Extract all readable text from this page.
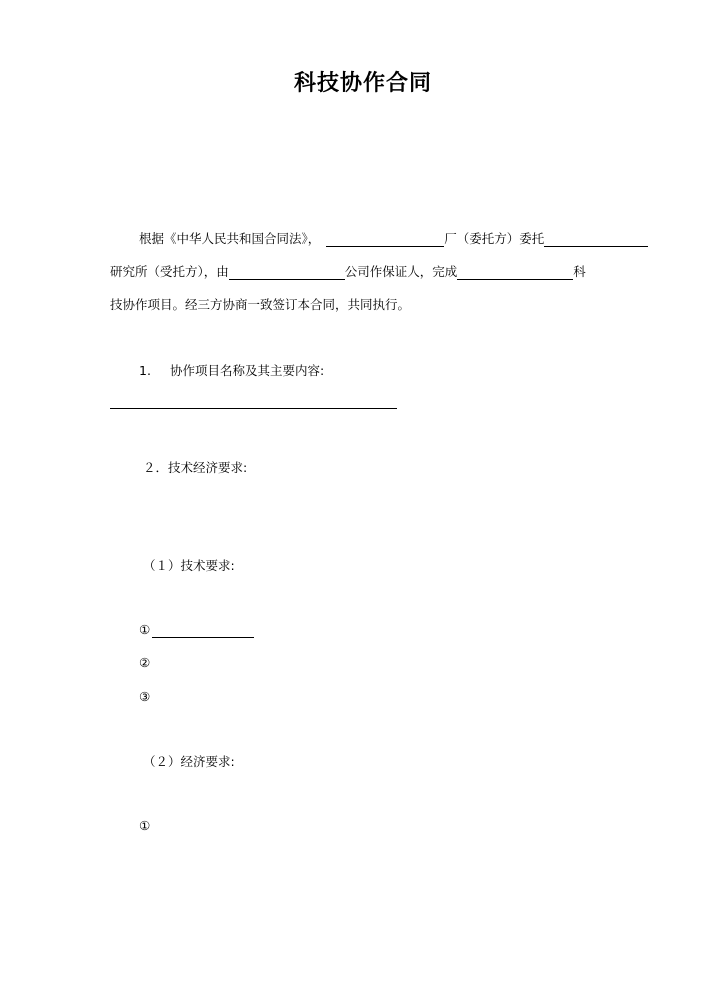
科技协作合同
根据《中华人民共和国合同法》，	厂（委托方）委托
研究所（受托方），由	公司作保证人，完成	科
技协作项目。经三方协商一致签订本合同，共同执行。
1. 协作项目名称及其主要内容:
２．技术经济要求:
（１）技术要求:
①
②
③
（２）经济要求:
①
